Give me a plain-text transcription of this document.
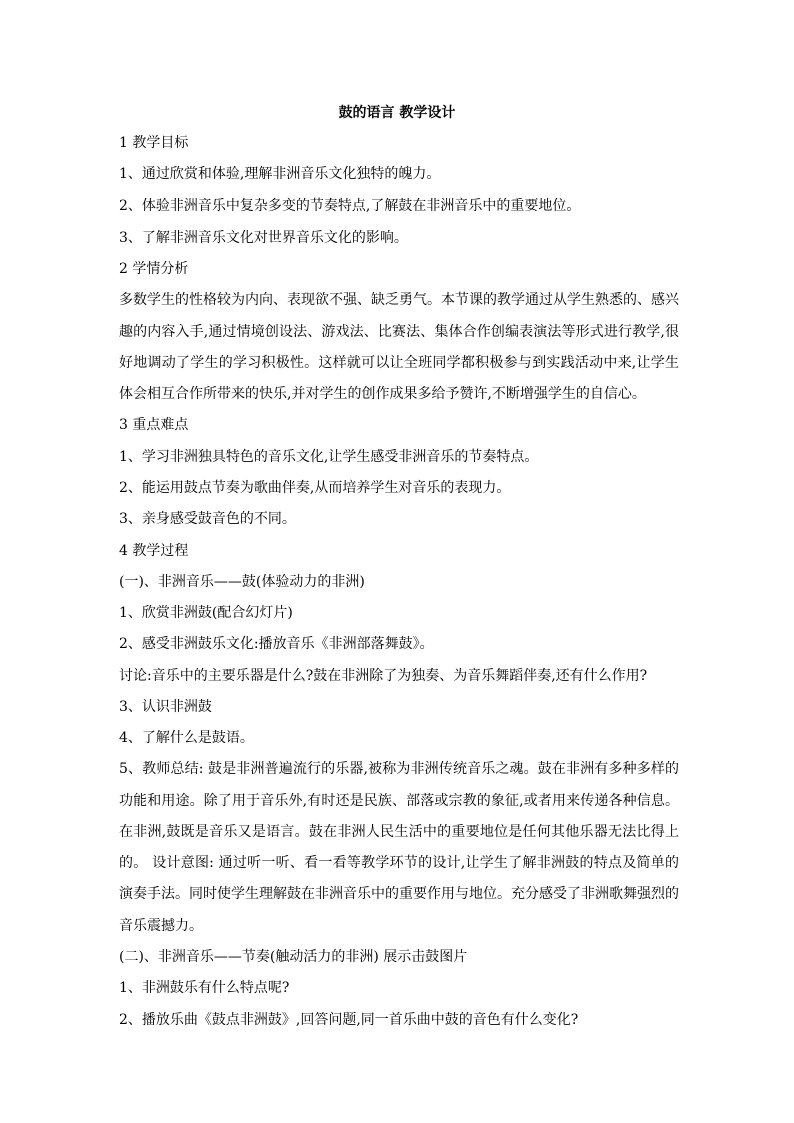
鼓的语言 教学设计
1 教学目标
1、通过欣赏和体验,理解非洲音乐文化独特的魄力。
2、体验非洲音乐中复杂多变的节奏特点,了解鼓在非洲音乐中的重要地位。
3、了解非洲音乐文化对世界音乐文化的影响。
2 学情分析
多数学生的性格较为内向、表现欲不强、缺乏勇气。本节课的教学通过从学生熟悉的、感兴
趣的内容入手,通过情境创设法、游戏法、比赛法、集体合作创编表演法等形式进行教学,很
好地调动了学生的学习积极性。这样就可以让全班同学都积极参与到实践活动中来,让学生
体会相互合作所带来的快乐,并对学生的创作成果多给予赞许,不断增强学生的自信心。
3 重点难点
1、学习非洲独具特色的音乐文化,让学生感受非洲音乐的节奏特点。
2、能运用鼓点节奏为歌曲伴奏,从而培养学生对音乐的表现力。
3、亲身感受鼓音色的不同。
4 教学过程
(一)、非洲音乐——鼓(体验动力的非洲)
1、欣赏非洲鼓(配合幻灯片)
2、感受非洲鼓乐文化:播放音乐《非洲部落舞鼓》。
讨论:音乐中的主要乐器是什么?鼓在非洲除了为独奏、为音乐舞蹈伴奏,还有什么作用?
3、认识非洲鼓
4、了解什么是鼓语。
5、教师总结: 鼓是非洲普遍流行的乐器,被称为非洲传统音乐之魂。鼓在非洲有多种多样的
功能和用途。除了用于音乐外,有时还是民族、部落或宗教的象征,或者用来传递各种信息。
在非洲,鼓既是音乐又是语言。鼓在非洲人民生活中的重要地位是任何其他乐器无法比得上
的。 设计意图: 通过听一听、看一看等教学环节的设计,让学生了解非洲鼓的特点及简单的
演奏手法。同时使学生理解鼓在非洲音乐中的重要作用与地位。充分感受了非洲歌舞强烈的
音乐震撼力。
(二)、非洲音乐——节奏(触动活力的非洲) 展示击鼓图片
1、非洲鼓乐有什么特点呢?
2、播放乐曲《鼓点非洲鼓》,回答问题,同一首乐曲中鼓的音色有什么变化?
